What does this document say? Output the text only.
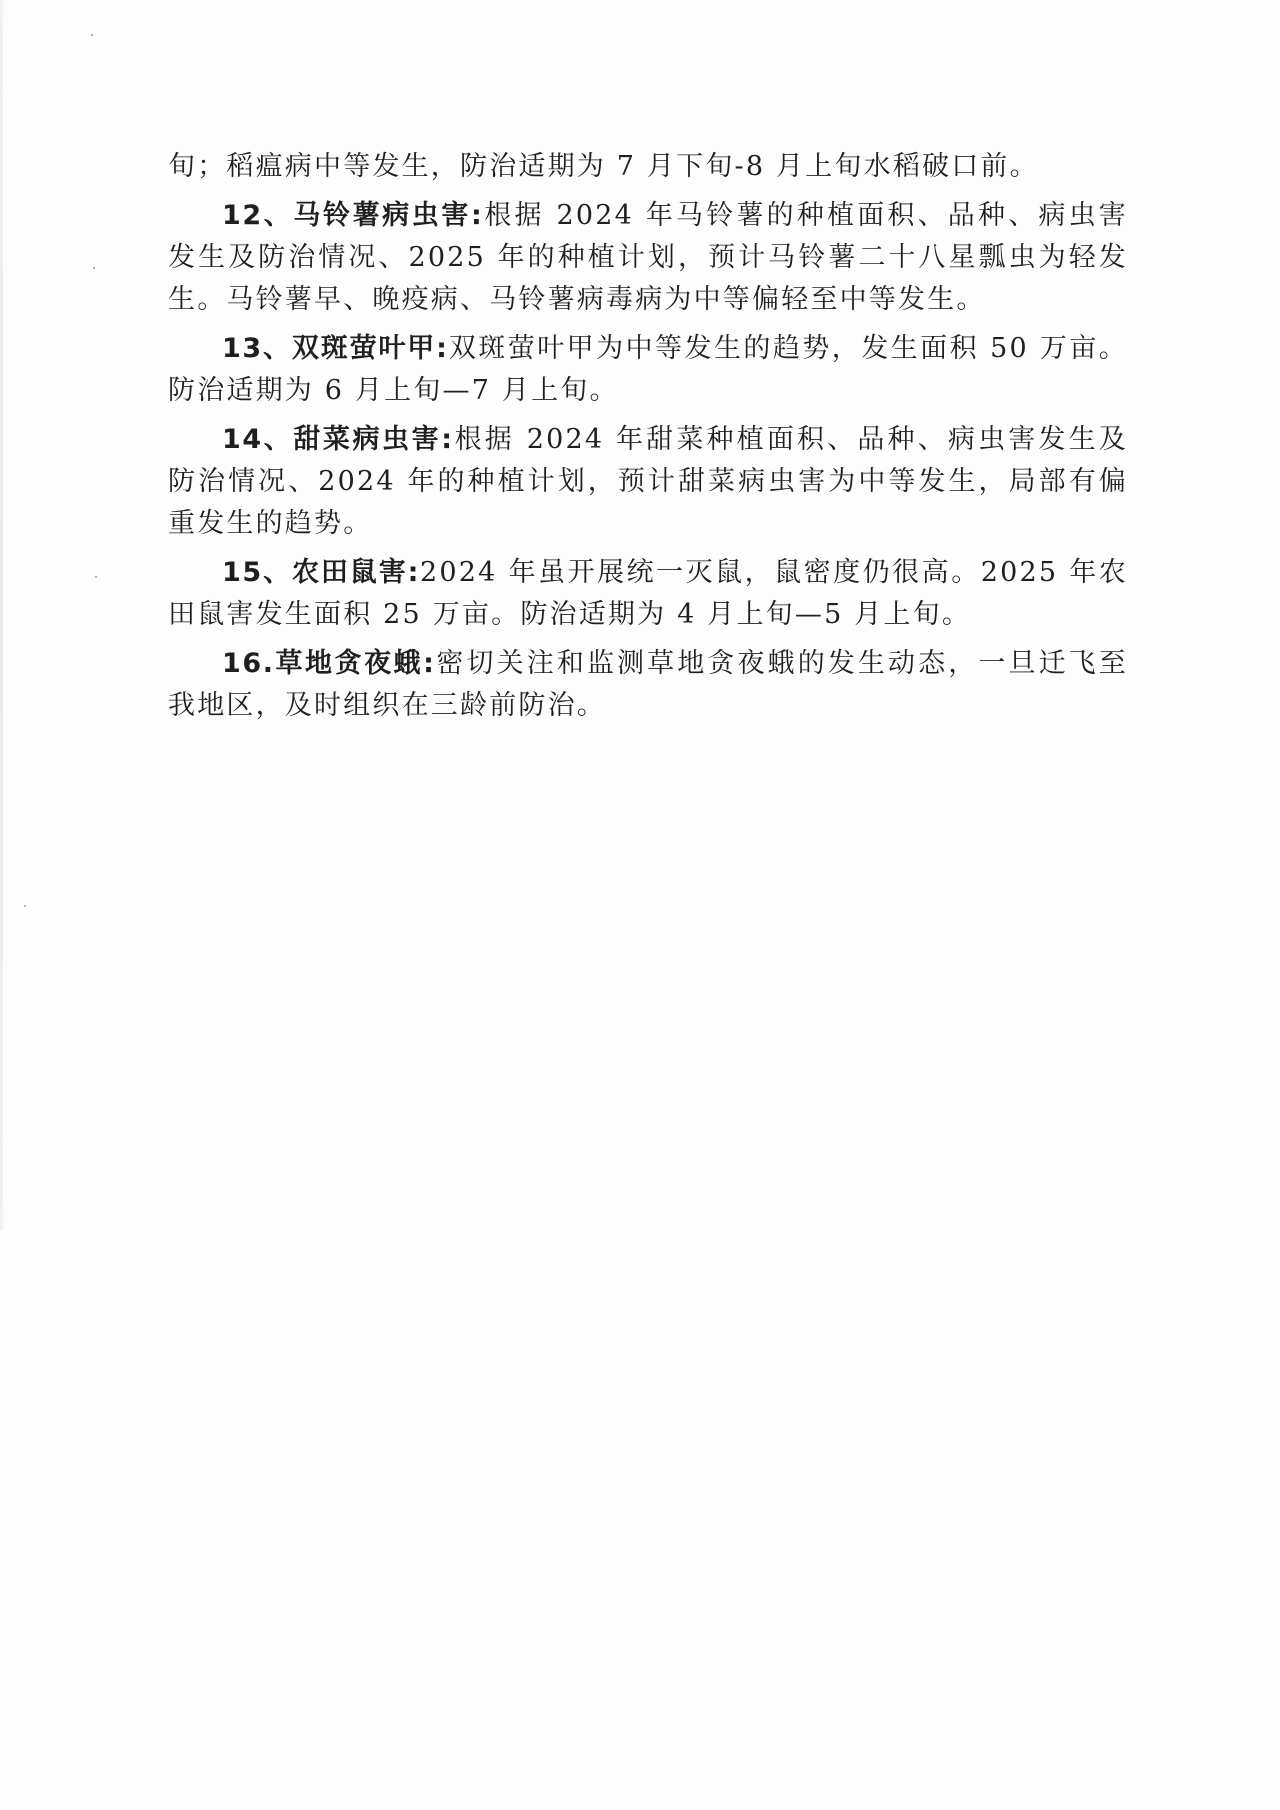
旬；稻瘟病中等发生，防治适期为 7 月下旬-8 月上旬水稻破口前。

12、马铃薯病虫害:根据 2024 年马铃薯的种植面积、品种、病虫害发生及防治情况、2025 年的种植计划，预计马铃薯二十八星瓢虫为轻发生。马铃薯早、晚疫病、马铃薯病毒病为中等偏轻至中等发生。

13、双斑萤叶甲:双斑萤叶甲为中等发生的趋势，发生面积 50 万亩。防治适期为 6 月上旬—7 月上旬。

14、甜菜病虫害:根据 2024 年甜菜种植面积、品种、病虫害发生及防治情况、2024 年的种植计划，预计甜菜病虫害为中等发生，局部有偏重发生的趋势。

15、农田鼠害:2024 年虽开展统一灭鼠，鼠密度仍很高。2025 年农田鼠害发生面积 25 万亩。防治适期为 4 月上旬—5 月上旬。

16.草地贪夜蛾:密切关注和监测草地贪夜蛾的发生动态，一旦迁飞至我地区，及时组织在三龄前防治。
